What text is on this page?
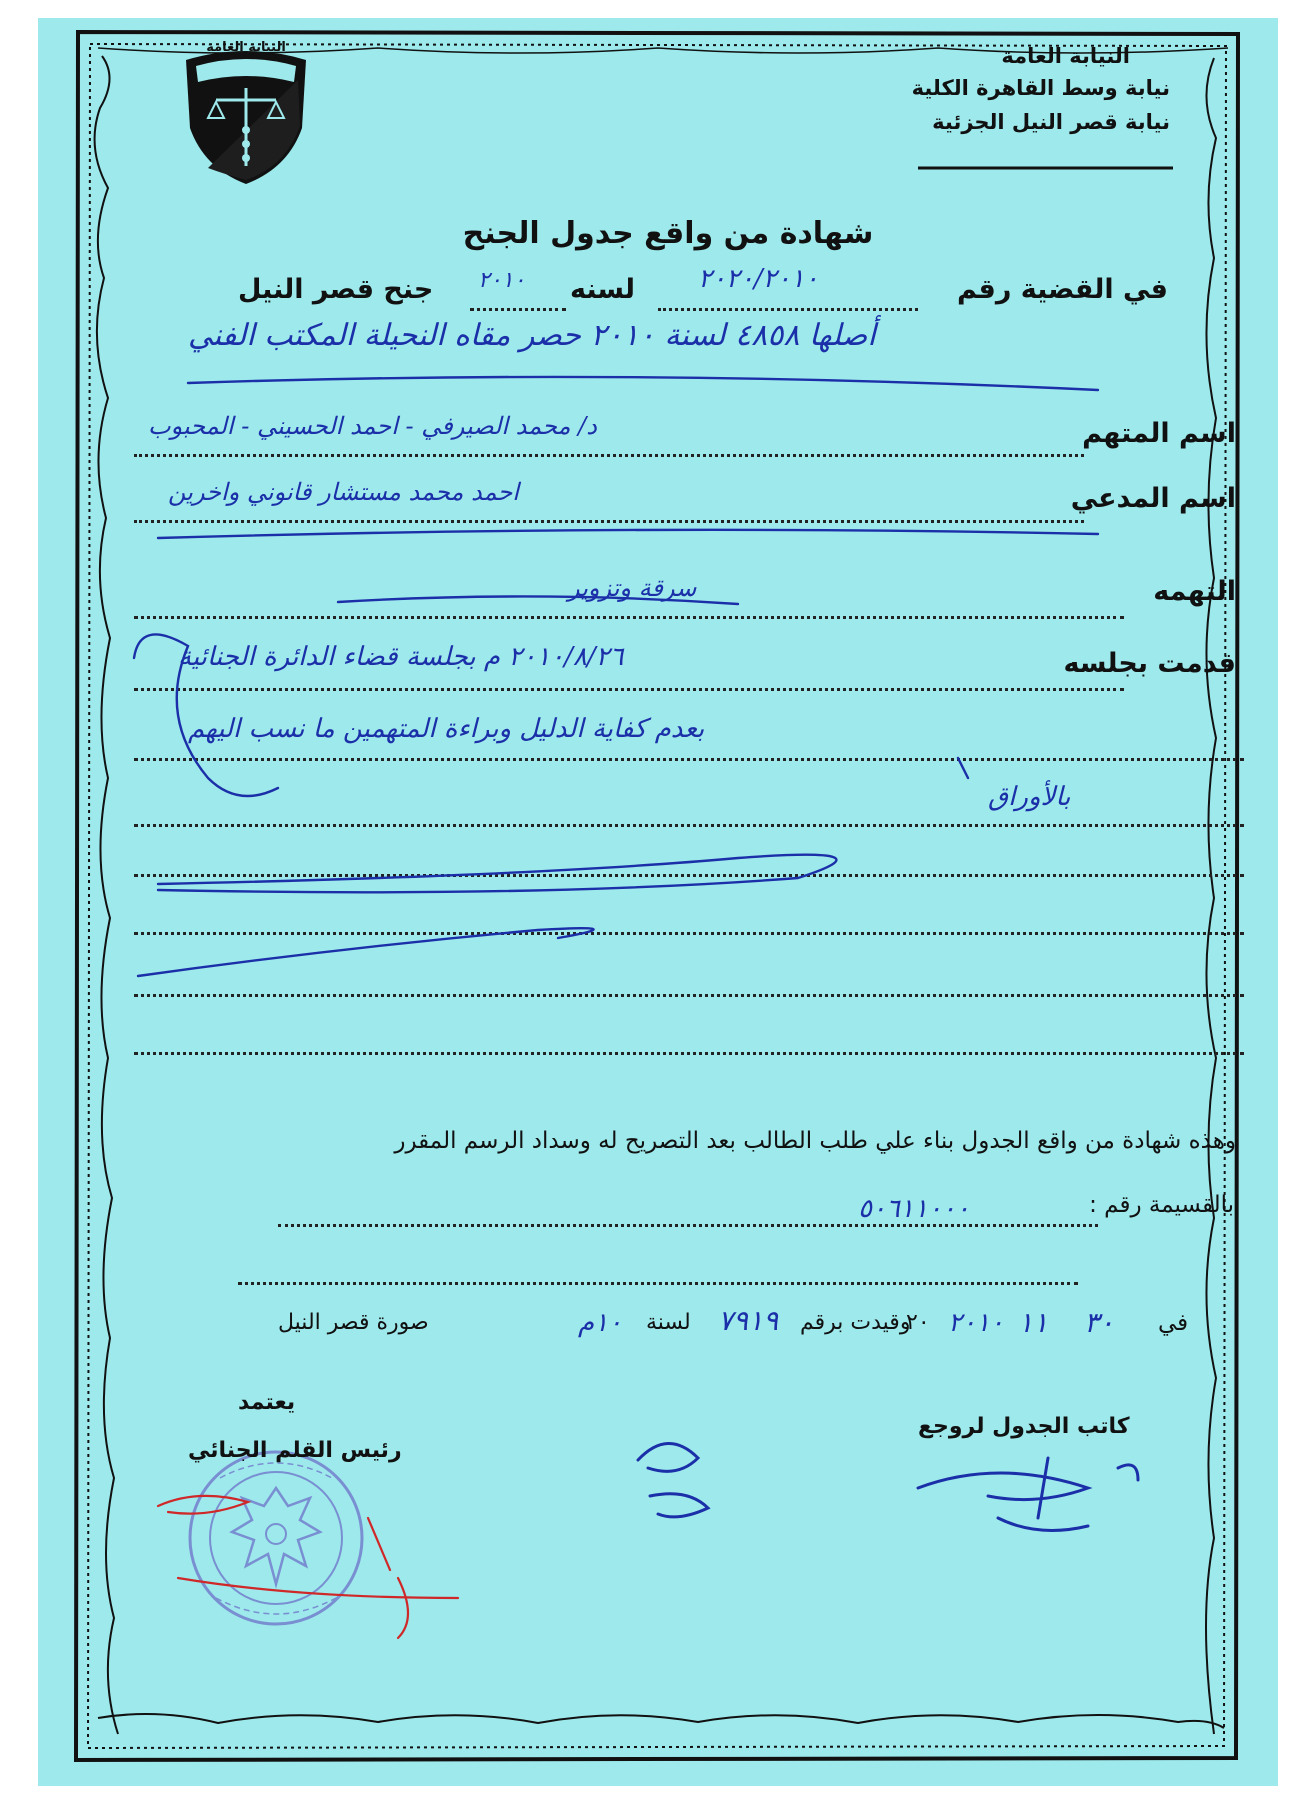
النيابة العامة
نيابة وسط القاهرة الكلية
نيابة قصر النيل الجزئية
النيابة العامة
شهادة من واقع جدول الجنح
في القضية رقم
٢٠٢٠/٢٠١٠
لسنه
٢٠١٠
جنح قصر النيل
أصلها ٤٨٥٨ لسنة ٢٠١٠ حصر مقاه النحيلة المكتب الفني
اسم المتهم
د/ محمد الصيرفي - احمد الحسيني - المحبوب
اسم المدعي
احمد محمد مستشار قانوني واخرين
التهمه
سرقة وتزوير
قدمت بجلسه
٢٠١٠/٨/٢٦ م بجلسة قضاء الدائرة الجنائية
بعدم كفاية الدليل وبراءة المتهمين ما نسب اليهم
بالأوراق
وهذه شهادة من واقع الجدول بناء علي طلب الطالب بعد التصريح له وسداد الرسم المقرر
بالقسيمة رقم :
٥٠٦١١٠٠٠
في
٣٠
١١
٢٠١٠
٢٠
وقيدت برقم
٧٩١٩
لسنة
١٠م
صورة قصر النيل
يعتمد
رئيس القلم الجنائي
كاتب الجدول لروجع
